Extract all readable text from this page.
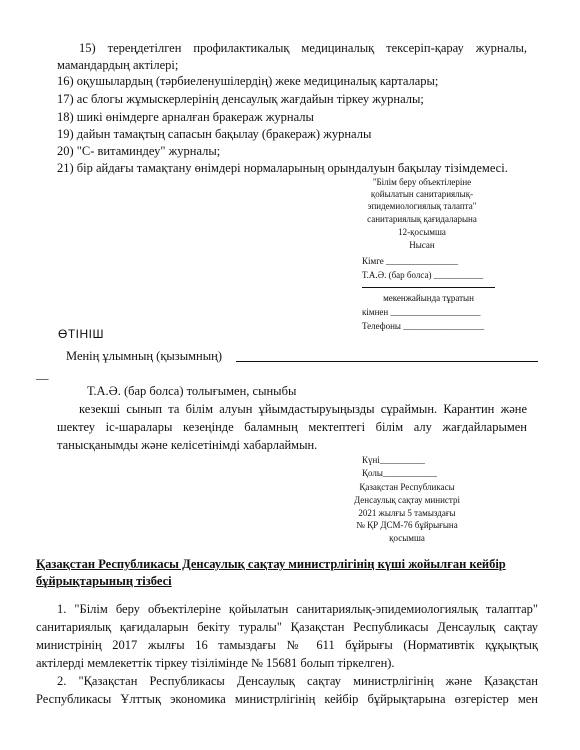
15) тереңдетілген профилактикалық медициналық тексеріп-қарау журналы,
мамандардың актілері;
16) оқушылардың (тәрбиеленушілердің) жеке медициналық карталары;
17) ас блогы жұмыскерлерінің денсаулық жағдайын тіркеу журналы;
18) шикі өнімдерге арналған бракераж журналы
19) дайын тамақтың сапасын бақылау (бракераж) журналы
20) "С- витаминдеу" журналы;
21) бір айдағы тамақтану өнімдері нормаларының орындалуын бақылау тізімдемесі.
"Білім беру объектілеріне
қойылатын санитариялық-
эпидемиологиялық талапта"
санитариялық қағидаларына
12-қосымша
Нысан
Кімге ________________
Т.А.Ә. (бар болса) ___________
мекенжайында тұратын
кімнен ____________________
Телефоны __________________
ӨТІНІШ
Менің ұлымның (қызымның)
__
Т.А.Ә. (бар болса) толығымен, сыныбы
кезекші сынып та білім алуын ұйымдастыруыңызды сұраймын. Карантин және
шектеу іс-шаралары кезеңінде баламның мектептегі білім алу жағдайларымен
танысқанымды және келісетінімді хабарлаймын.
Күні__________
Қолы____________
Қазақстан Республикасы
Денсаулық сақтау министрі
2021 жылғы 5 тамыздағы
№ ҚР ДСМ-76 бұйрығына
қосымша
Қазақстан Республикасы Денсаулық сақтау министрлігінің күші жойылған кейбір
бұйрықтарының тізбесі
1. "Білім беру объектілеріне қойылатын санитариялық-эпидемиологиялық талаптар"
санитариялық қағидаларын бекіту туралы" Қазақстан Республикасы Денсаулық сақтау
министрінің 2017 жылғы 16 тамыздағы № 611 бұйрығы (Нормативтік құқықтық
актілерді мемлекеттік тіркеу тізілімінде № 15681 болып тіркелген).
2. "Қазақстан Республикасы Денсаулық сақтау министрлігінің және Қазақстан
Республикасы Ұлттық экономика министрлігінің кейбір бұйрықтарына өзгерістер мен
